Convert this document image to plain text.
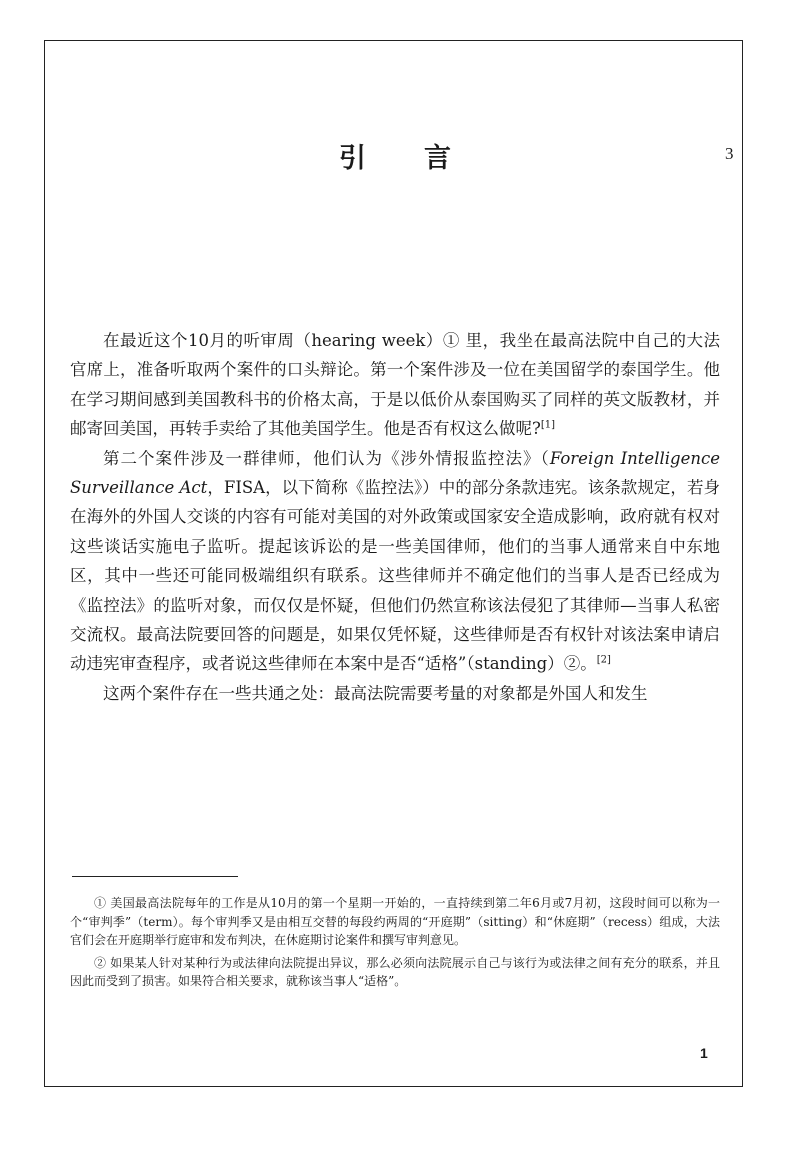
3
引言

在最近这个10月的听审周（hearing week）① 里，我坐在最高法院中自己的大法官席上，准备听取两个案件的口头辩论。第一个案件涉及一位在美国留学的泰国学生。他在学习期间感到美国教科书的价格太高，于是以低价从泰国购买了同样的英文版教材，并邮寄回美国，再转手卖给了其他美国学生。他是否有权这么做呢?[1]

第二个案件涉及一群律师，他们认为《涉外情报监控法》（Foreign Intelligence Surveillance Act，FISA，以下简称《监控法》）中的部分条款违宪。该条款规定，若身在海外的外国人交谈的内容有可能对美国的对外政策或国家安全造成影响，政府就有权对这些谈话实施电子监听。提起该诉讼的是一些美国律师，他们的当事人通常来自中东地区，其中一些还可能同极端组织有联系。这些律师并不确定他们的当事人是否已经成为《监控法》的监听对象，而仅仅是怀疑，但他们仍然宣称该法侵犯了其律师—当事人私密交流权。最高法院要回答的问题是，如果仅凭怀疑，这些律师是否有权针对该法案申请启动违宪审查程序，或者说这些律师在本案中是否“适格”（standing）②。[2]

这两个案件存在一些共通之处：最高法院需要考量的对象都是外国人和发生

① 美国最高法院每年的工作是从10月的第一个星期一开始的，一直持续到第二年6月或7月初，这段时间可以称为一个“审判季”（term）。每个审判季又是由相互交替的每段约两周的“开庭期”（sitting）和“休庭期”（recess）组成，大法官们会在开庭期举行庭审和发布判决，在休庭期讨论案件和撰写审判意见。

② 如果某人针对某种行为或法律向法院提出异议，那么必须向法院展示自己与该行为或法律之间有充分的联系，并且因此而受到了损害。如果符合相关要求，就称该当事人“适格”。

1
